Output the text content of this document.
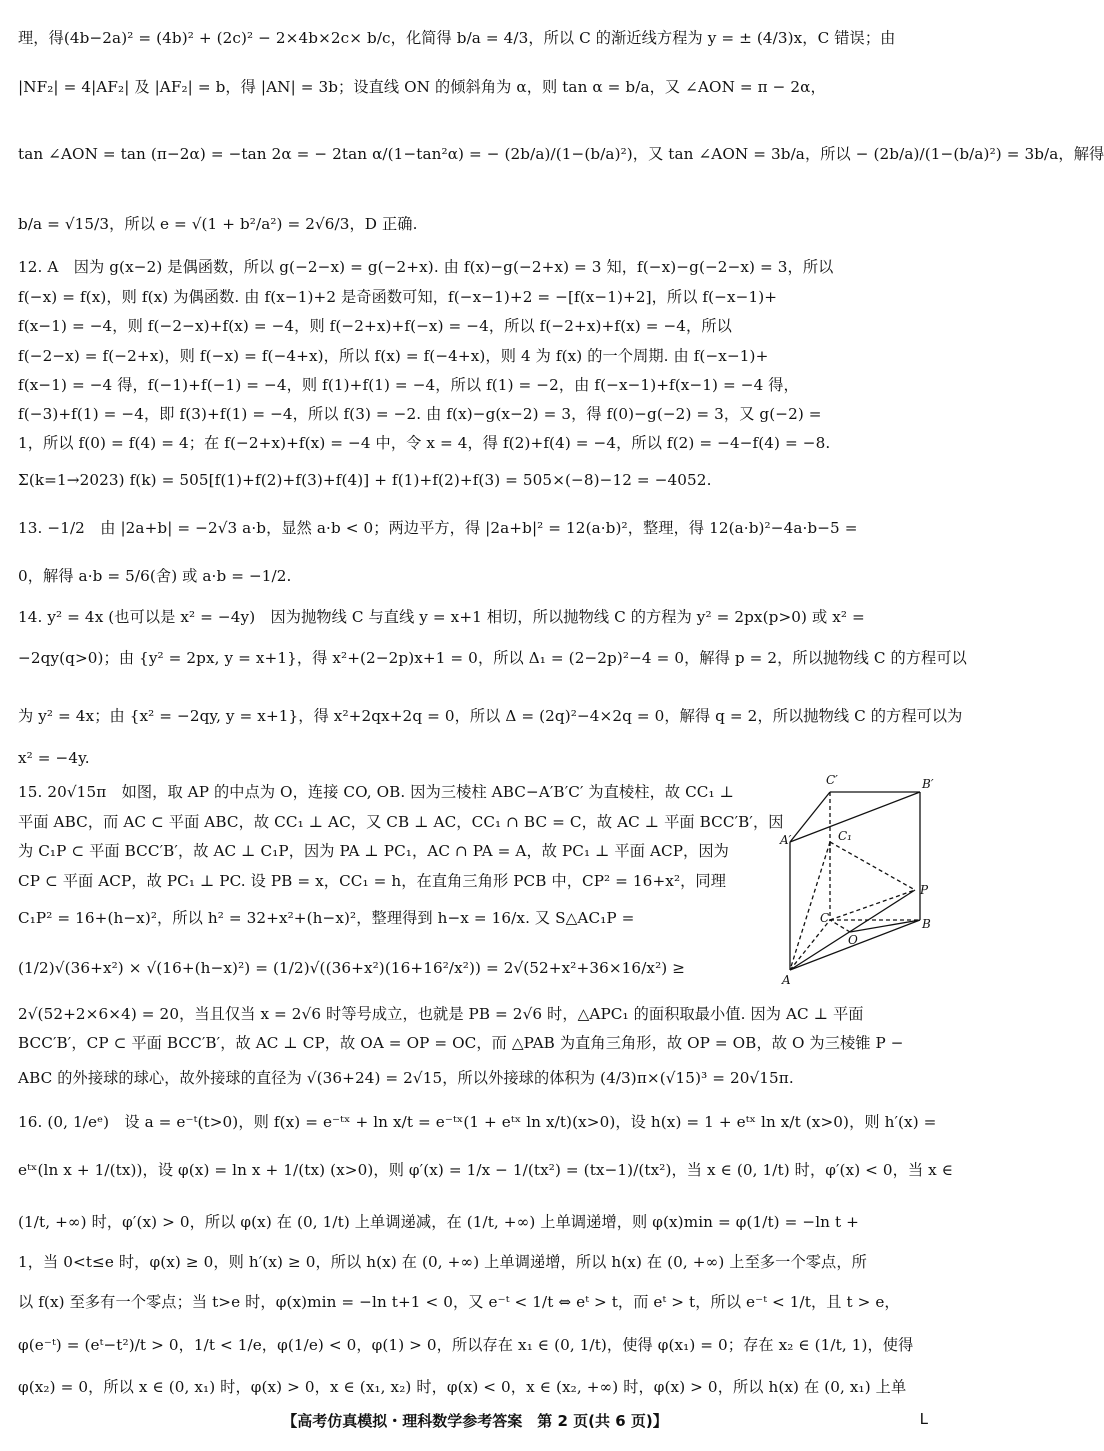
理，得(4b−2a)² = (4b)² + (2c)² − 2×4b×2c× b/c，化简得 b/a = 4/3，所以 C 的渐近线方程为 y = ± (4/3)x，C 错误；由
|NF₂| = 4|AF₂| 及 |AF₂| = b，得 |AN| = 3b；设直线 ON 的倾斜角为 α，则 tan α = b/a，又 ∠AON = π − 2α，
tan ∠AON = tan (π−2α) = −tan 2α = − 2tan α/(1−tan²α) = − (2b/a)/(1−(b/a)²)，又 tan ∠AON = 3b/a，所以 − (2b/a)/(1−(b/a)²) = 3b/a，解得
b/a = √15/3，所以 e = √(1 + b²/a²) = 2√6/3，D 正确.
12. A　因为 g(x−2) 是偶函数，所以 g(−2−x) = g(−2+x). 由 f(x)−g(−2+x) = 3 知，f(−x)−g(−2−x) = 3，所以
f(−x) = f(x)，则 f(x) 为偶函数. 由 f(x−1)+2 是奇函数可知，f(−x−1)+2 = −[f(x−1)+2]，所以 f(−x−1)+
f(x−1) = −4，则 f(−2−x)+f(x) = −4，则 f(−2+x)+f(−x) = −4，所以 f(−2+x)+f(x) = −4，所以
f(−2−x) = f(−2+x)，则 f(−x) = f(−4+x)，所以 f(x) = f(−4+x)，则 4 为 f(x) 的一个周期. 由 f(−x−1)+
f(x−1) = −4 得，f(−1)+f(−1) = −4，则 f(1)+f(1) = −4，所以 f(1) = −2，由 f(−x−1)+f(x−1) = −4 得，
f(−3)+f(1) = −4，即 f(3)+f(1) = −4，所以 f(3) = −2. 由 f(x)−g(x−2) = 3，得 f(0)−g(−2) = 3，又 g(−2) =
1，所以 f(0) = f(4) = 4；在 f(−2+x)+f(x) = −4 中，令 x = 4，得 f(2)+f(4) = −4，所以 f(2) = −4−f(4) = −8.
Σ(k=1→2023) f(k) = 505[f(1)+f(2)+f(3)+f(4)] + f(1)+f(2)+f(3) = 505×(−8)−12 = −4052.
13. −1/2　由 |2a+b| = −2√3 a·b，显然 a·b < 0；两边平方，得 |2a+b|² = 12(a·b)²，整理，得 12(a·b)²−4a·b−5 =
0，解得 a·b = 5/6(舍) 或 a·b = −1/2.
14. y² = 4x (也可以是 x² = −4y)　因为抛物线 C 与直线 y = x+1 相切，所以抛物线 C 的方程为 y² = 2px(p>0) 或 x² =
−2qy(q>0)；由 {y² = 2px, y = x+1}，得 x²+(2−2p)x+1 = 0，所以 Δ₁ = (2−2p)²−4 = 0，解得 p = 2，所以抛物线 C 的方程可以
为 y² = 4x；由 {x² = −2qy, y = x+1}，得 x²+2qx+2q = 0，所以 Δ = (2q)²−4×2q = 0，解得 q = 2，所以抛物线 C 的方程可以为
x² = −4y.
15. 20√15π　如图，取 AP 的中点为 O，连接 CO, OB. 因为三棱柱 ABC−A′B′C′ 为直棱柱，故 CC₁ ⊥
平面 ABC，而 AC ⊂ 平面 ABC，故 CC₁ ⊥ AC，又 CB ⊥ AC，CC₁ ∩ BC = C，故 AC ⊥ 平面 BCC′B′，因
为 C₁P ⊂ 平面 BCC′B′，故 AC ⊥ C₁P，因为 PA ⊥ PC₁，AC ∩ PA = A，故 PC₁ ⊥ 平面 ACP，因为
CP ⊂ 平面 ACP，故 PC₁ ⊥ PC. 设 PB = x，CC₁ = h，在直角三角形 PCB 中，CP² = 16+x²，同理
C₁P² = 16+(h−x)²，所以 h² = 32+x²+(h−x)²，整理得到 h−x = 16/x. 又 S△AC₁P =
(1/2)√(36+x²) × √(16+(h−x)²) = (1/2)√((36+x²)(16+16²/x²)) = 2√(52+x²+36×16/x²) ≥
2√(52+2×6×4) = 20，当且仅当 x = 2√6 时等号成立，也就是 PB = 2√6 时，△APC₁ 的面积取最小值. 因为 AC ⊥ 平面
BCC′B′，CP ⊂ 平面 BCC′B′，故 AC ⊥ CP，故 OA = OP = OC，而 △PAB 为直角三角形，故 OP = OB，故 O 为三棱锥 P −
ABC 的外接球的球心，故外接球的直径为 √(36+24) = 2√15，所以外接球的体积为 (4/3)π×(√15)³ = 20√15π.
16. (0, 1/eᵉ)　设 a = e⁻ᵗ(t>0)，则 f(x) = e⁻ᵗˣ + ln x/t = e⁻ᵗˣ(1 + eᵗˣ ln x/t)(x>0)，设 h(x) = 1 + eᵗˣ ln x/t (x>0)，则 h′(x) =
eᵗˣ(ln x + 1/(tx))，设 φ(x) = ln x + 1/(tx) (x>0)，则 φ′(x) = 1/x − 1/(tx²) = (tx−1)/(tx²)，当 x ∈ (0, 1/t) 时，φ′(x) < 0，当 x ∈
(1/t, +∞) 时，φ′(x) > 0，所以 φ(x) 在 (0, 1/t) 上单调递减，在 (1/t, +∞) 上单调递增，则 φ(x)min = φ(1/t) = −ln t +
1，当 0<t≤e 时，φ(x) ≥ 0，则 h′(x) ≥ 0，所以 h(x) 在 (0, +∞) 上单调递增，所以 h(x) 在 (0, +∞) 上至多一个零点，所
以 f(x) 至多有一个零点；当 t>e 时，φ(x)min = −ln t+1 < 0，又 e⁻ᵗ < 1/t ⇔ eᵗ > t，而 eᵗ > t，所以 e⁻ᵗ < 1/t，且 t > e，
φ(e⁻ᵗ) = (eᵗ−t²)/t > 0，1/t < 1/e，φ(1/e) < 0，φ(1) > 0，所以存在 x₁ ∈ (0, 1/t)，使得 φ(x₁) = 0；存在 x₂ ∈ (1/t, 1)，使得
φ(x₂) = 0，所以 x ∈ (0, x₁) 时，φ(x) > 0，x ∈ (x₁, x₂) 时，φ(x) < 0，x ∈ (x₂, +∞) 时，φ(x) > 0，所以 h(x) 在 (0, x₁) 上单
C′	B′
A′	C₁
P
C	B
O
A
【高考仿真模拟・理科数学参考答案　第 2 页(共 6 页)】	L
